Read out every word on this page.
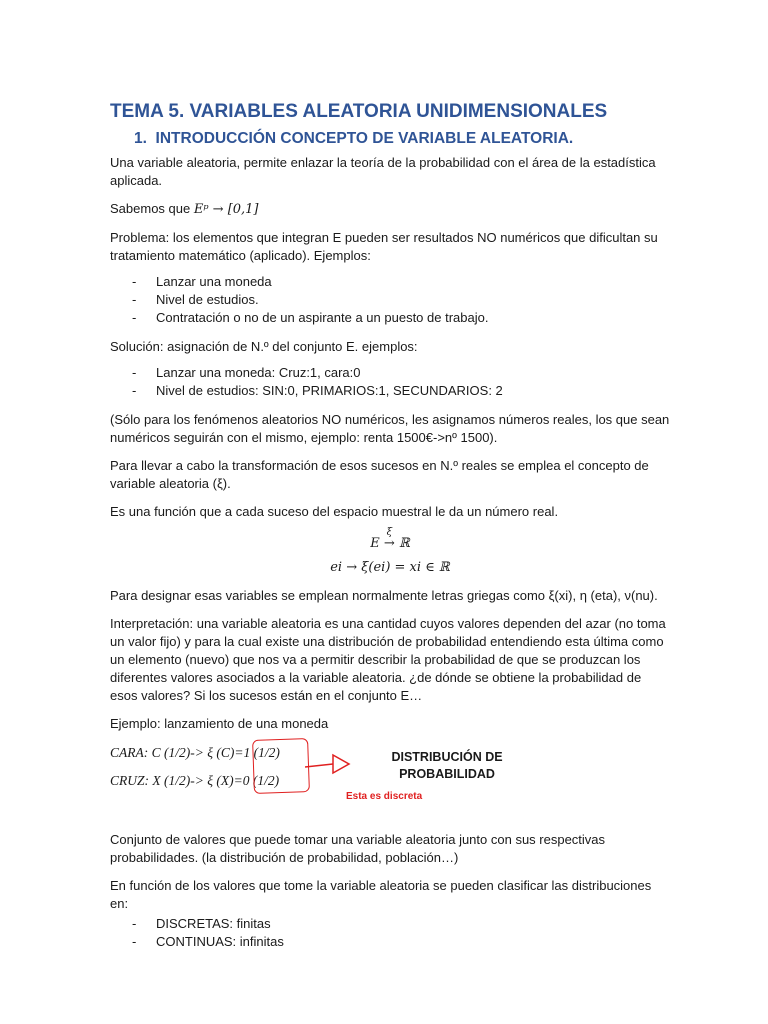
TEMA 5. VARIABLES ALEATORIA UNIDIMENSIONALES
1.  INTRODUCCIÓN CONCEPTO DE VARIABLE ALEATORIA.

Una variable aleatoria, permite enlazar la teoría de la probabilidad con el área de la estadística aplicada.

Sabemos que Eᵖ → [0,1]

Problema: los elementos que integran E pueden ser resultados NO numéricos que dificultan su tratamiento matemático (aplicado). Ejemplos:

- Lanzar una moneda
- Nivel de estudios.
- Contratación o no de un aspirante a un puesto de trabajo.

Solución: asignación de N.º del conjunto E. ejemplos:

- Lanzar una moneda: Cruz:1, cara:0
- Nivel de estudios: SIN:0, PRIMARIOS:1, SECUNDARIOS: 2

(Sólo para los fenómenos aleatorios NO numéricos, les asignamos números reales, los que sean numéricos seguirán con el mismo, ejemplo: renta 1500€->nº 1500).

Para llevar a cabo la transformación de esos sucesos en N.º reales se emplea el concepto de variable aleatoria (ξ).

Es una función que a cada suceso del espacio muestral le da un número real.

E
ξ
→ ℝ
ei → ξ(ei) = xi ∈ ℝ

Para designar esas variables se emplean normalmente letras griegas como ξ(xi), η (eta), ν(nu).

Interpretación: una variable aleatoria es una cantidad cuyos valores dependen del azar (no toma un valor fijo) y para la cual existe una distribución de probabilidad entendiendo esta última como un elemento (nuevo) que nos va a permitir describir la probabilidad de que se produzcan los diferentes valores asociados a la variable aleatoria. ¿de dónde se obtiene la probabilidad de esos valores? Si los sucesos están en el conjunto E…

Ejemplo: lanzamiento de una moneda

CARA: C (1/2)-> ξ (C)=1 (1/2)
CRUZ: X (1/2)-> ξ (X)=0 (1/2)
DISTRIBUCIÓN DE PROBABILIDAD
Esta es discreta

Conjunto de valores que puede tomar una variable aleatoria junto con sus respectivas probabilidades. (la distribución de probabilidad, población…)

En función de los valores que tome la variable aleatoria se pueden clasificar las distribuciones en:

- DISCRETAS: finitas
- CONTINUAS: infinitas
